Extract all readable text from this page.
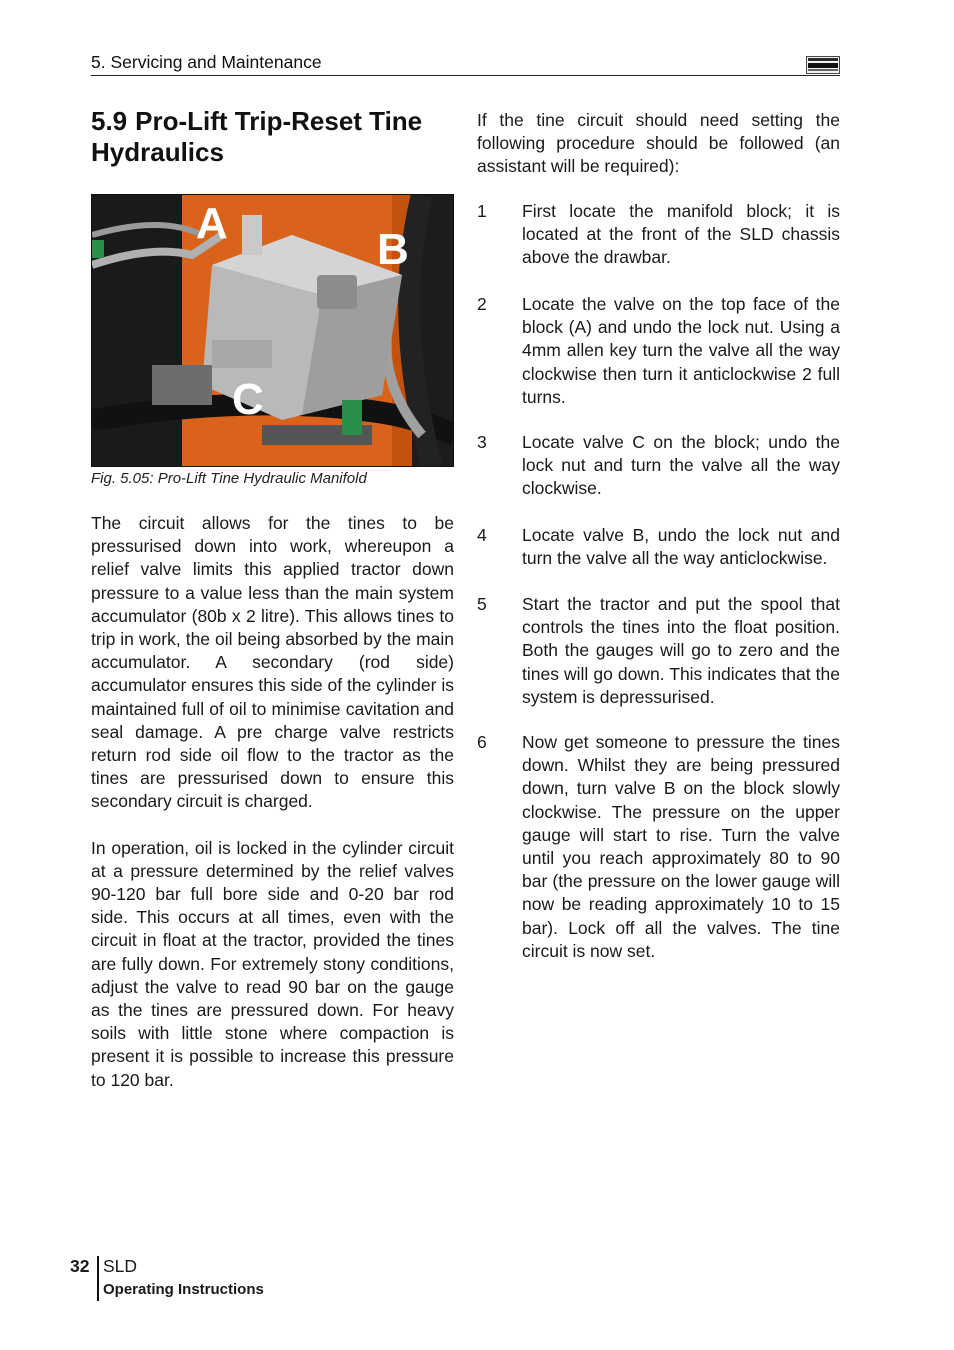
5. Servicing and Maintenance
5.9 Pro-Lift Trip-Reset Tine Hydraulics
A
B
C
Fig. 5.05: Pro-Lift Tine Hydraulic Manifold

The circuit allows for the tines to be pressurised down into work, whereupon a relief valve limits this applied tractor down pressure to a value less than the main system accumulator (80b x 2 litre). This allows tines to trip in work, the oil being absorbed by the main accumulator. A secondary (rod side) accumulator ensures this side of the cylinder is maintained full of oil to minimise cavitation and seal damage. A pre charge valve restricts return rod side oil flow to the tractor as the tines are pressurised down to ensure this secondary circuit is charged.

In operation, oil is locked in the cylinder circuit at a pressure determined by the relief valves 90-120 bar full bore side and 0-20 bar rod side. This occurs at all times, even with the circuit in float at the tractor, provided the tines are fully down. For extremely stony conditions, adjust the valve to read 90 bar on the gauge as the tines are pressured down. For heavy soils with little stone where compaction is present it is possible to increase this pressure to 120 bar.

If the tine circuit should need setting the following procedure should be followed (an assistant will be required):

1	First locate the manifold block; it is located at the front of the SLD chassis above the drawbar.
2	Locate the valve on the top face of the block (A) and undo the lock nut. Using a 4mm allen key turn the valve all the way clockwise then turn it anticlockwise 2 full turns.
3	Locate valve C on the block; undo the lock nut and turn the valve all the way clockwise.
4	Locate valve B, undo the lock nut and turn the valve all the way anticlockwise.
5	Start the tractor and put the spool that controls the tines into the float position. Both the gauges will go to zero and the tines will go down. This indicates that the system is depressurised.
6	Now get someone to pressure the tines down. Whilst they are being pressured down, turn valve B on the block slowly clockwise. The pressure on the upper gauge will start to rise. Turn the valve until you reach approximately 80 to 90 bar (the pressure on the lower gauge will now be reading approximately 10 to 15 bar). Lock off all the valves. The tine circuit is now set.
32 SLD
Operating Instructions
